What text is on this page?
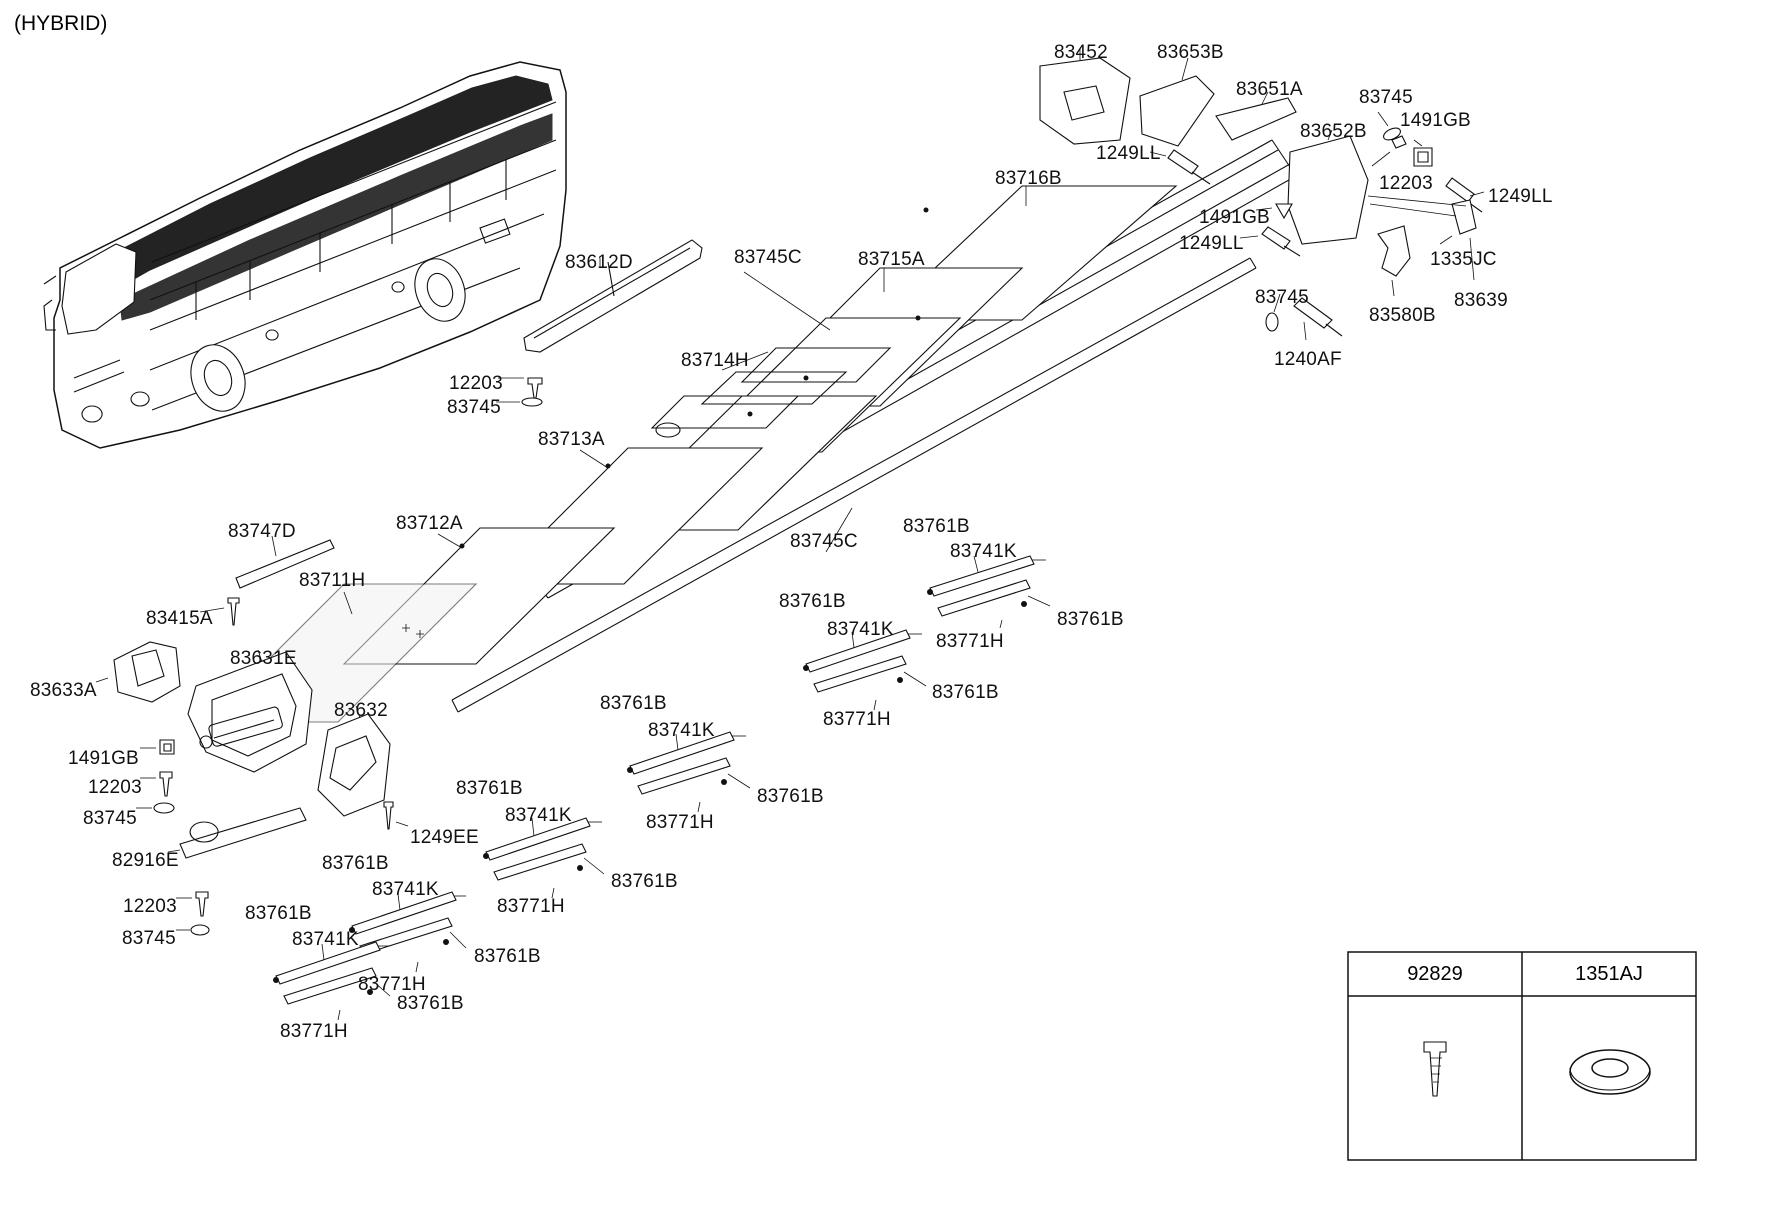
(HYBRID)
83452	83653B
83651A	83745
1491GB
83652B
12203
1249LL
1249LL
1491GB
1249LL
1335JC
83639
83580B
83745
1240AF
83716B
83715A
83745C
83612D
12203
83745
83714H
83713A
83712A
83745C
83711H
83747D
83415A
83633A
83631E
83632
1491GB
12203
83745
82916E
12203
83745
1249EE
83761B
83741K
83761B
83771H
83761B
83741K
83761B
83771H
83761B
83741K
83761B
83771H
83761B
83741K
83761B
83771H
83761B
83741K
83761B
83771H
83761B
83741K
83761B
83771H
92829	1351AJ
